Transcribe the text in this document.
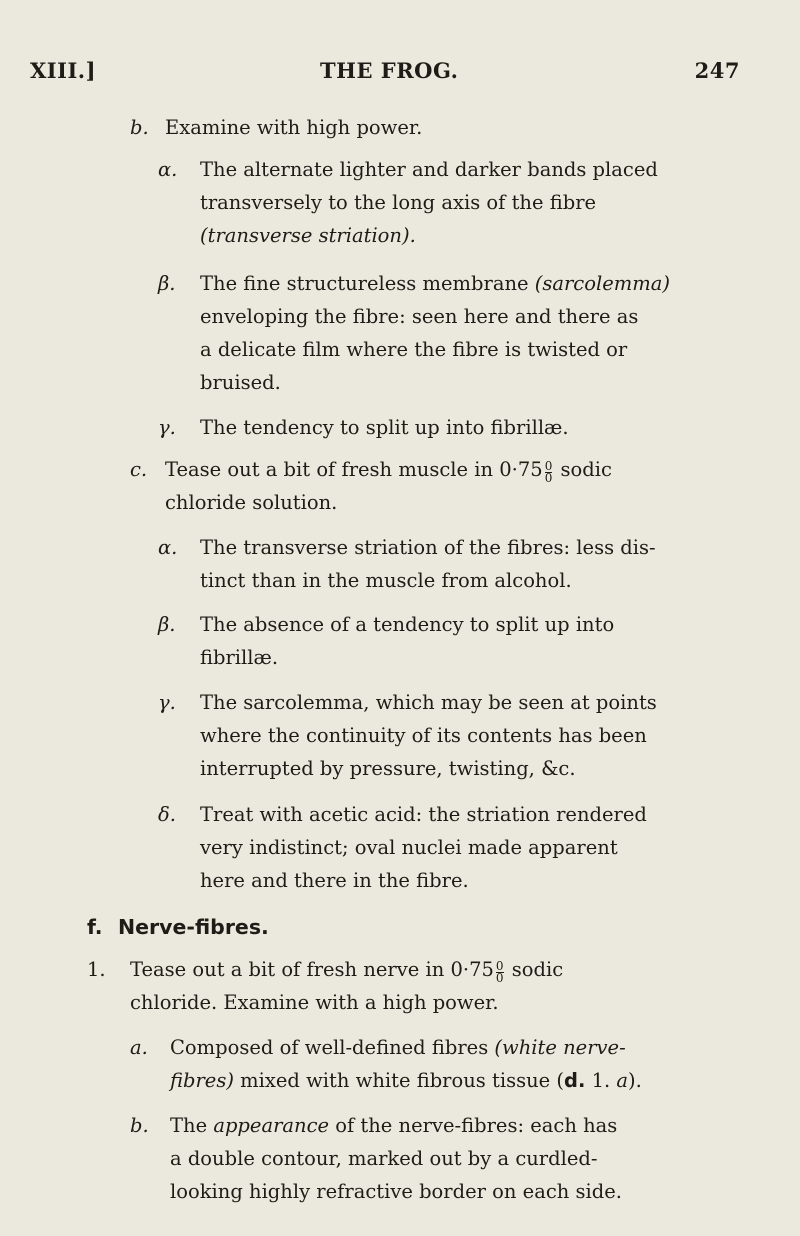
XIII.]	THE FROG.	247
b. Examine with high power.
α. The alternate lighter and darker bands placed
transversely to the long axis of the fibre
(transverse striation).
β. The fine structureless membrane (sarcolemma)
enveloping the fibre: seen here and there as
a delicate film where the fibre is twisted or
bruised.
γ. The tendency to split up into fibrillæ.
c. Tease out a bit of fresh muscle in $0\cdot 75 \frac{0}{0}$ sodic
chloride solution.
α. The transverse striation of the fibres: less dis-
tinct than in the muscle from alcohol.
β. The absence of a tendency to split up into
fibrillæ.
γ. The sarcolemma, which may be seen at points
where the continuity of its contents has been
interrupted by pressure, twisting, &c.
δ. Treat with acetic acid: the striation rendered
very indistinct; oval nuclei made apparent
here and there in the fibre.
f. Nerve-fibres.
1. Tease out a bit of fresh nerve in $0\cdot 75 \frac{0}{0}$ sodic
chloride. Examine with a high power.
a. Composed of well-defined fibres (white nerve-
fibres) mixed with white fibrous tissue (d. 1. a).
b. The appearance of the nerve-fibres: each has
a double contour, marked out by a curdled-
looking highly refractive border on each side.
